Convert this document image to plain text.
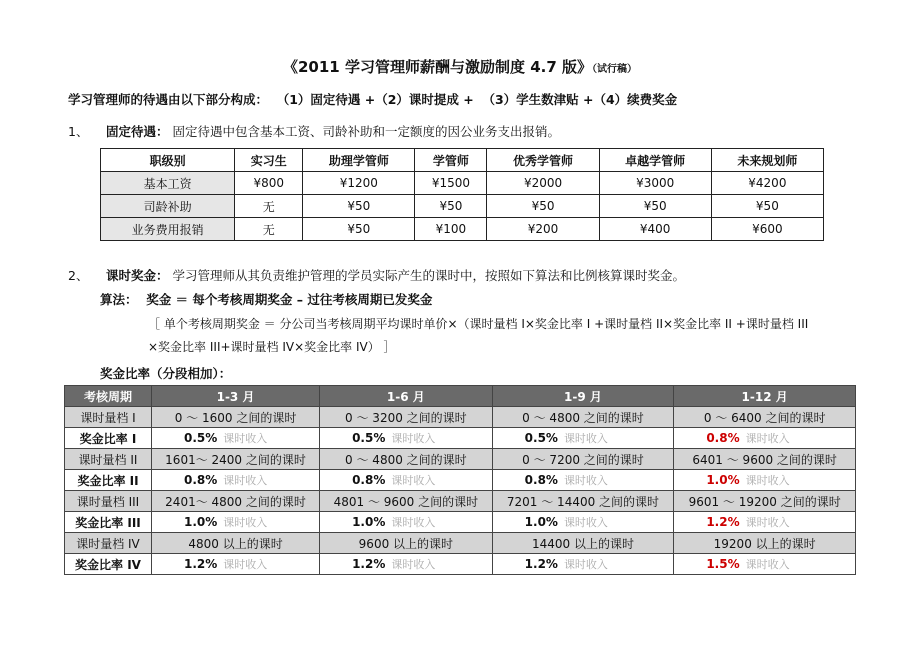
《2011 学习管理师薪酬与激励制度 4.7 版》（试行稿）
学习管理师的待遇由以下部分构成：  （1）固定待遇 +（2）课时提成 +  （3）学生数津贴 +（4）续费奖金
1、 固定待遇： 固定待遇中包含基本工资、司龄补助和一定额度的因公业务支出报销。
职级别	实习生	助理学管师	学管师	优秀学管师	卓越学管师	未来规划师
基本工资	¥800	¥1200	¥1500	¥2000	¥3000	¥4200
司龄补助	无	¥50	¥50	¥50	¥50	¥50
业务费用报销	无	¥50	¥100	¥200	¥400	¥600
2、 课时奖金： 学习管理师从其负责维护管理的学员实际产生的课时中，按照如下算法和比例核算课时奖金。
算法：  奖金 ＝ 每个考核周期奖金 – 过往考核周期已发奖金
［ 单个考核周期奖金 ＝ 分公司当考核周期平均课时单价×（课时量档 I×奖金比率 I +课时量档 II×奖金比率 II +课时量档 III
×奖金比率 III+课时量档 IV×奖金比率 IV） ］
奖金比率（分段相加）：
考核周期	1-3 月	1-6 月	1-9 月	1-12 月
课时量档 I	0 ～ 1600 之间的课时	0 ～ 3200 之间的课时	0 ～ 4800 之间的课时	0 ～ 6400 之间的课时
奖金比率 I	0.5% 课时收入	0.5% 课时收入	0.5% 课时收入	0.8% 课时收入
课时量档 II	1601～ 2400 之间的课时	0 ～ 4800 之间的课时	0 ～ 7200 之间的课时	6401 ～ 9600 之间的课时
奖金比率 II	0.8% 课时收入	0.8% 课时收入	0.8% 课时收入	1.0% 课时收入
课时量档 III	2401～ 4800 之间的课时	4801 ～ 9600 之间的课时	7201 ～ 14400 之间的课时	9601 ～ 19200 之间的课时
奖金比率 III	1.0% 课时收入	1.0% 课时收入	1.0% 课时收入	1.2% 课时收入
课时量档 IV	4800 以上的课时	9600 以上的课时	14400 以上的课时	19200 以上的课时
奖金比率 IV	1.2% 课时收入	1.2% 课时收入	1.2% 课时收入	1.5% 课时收入
